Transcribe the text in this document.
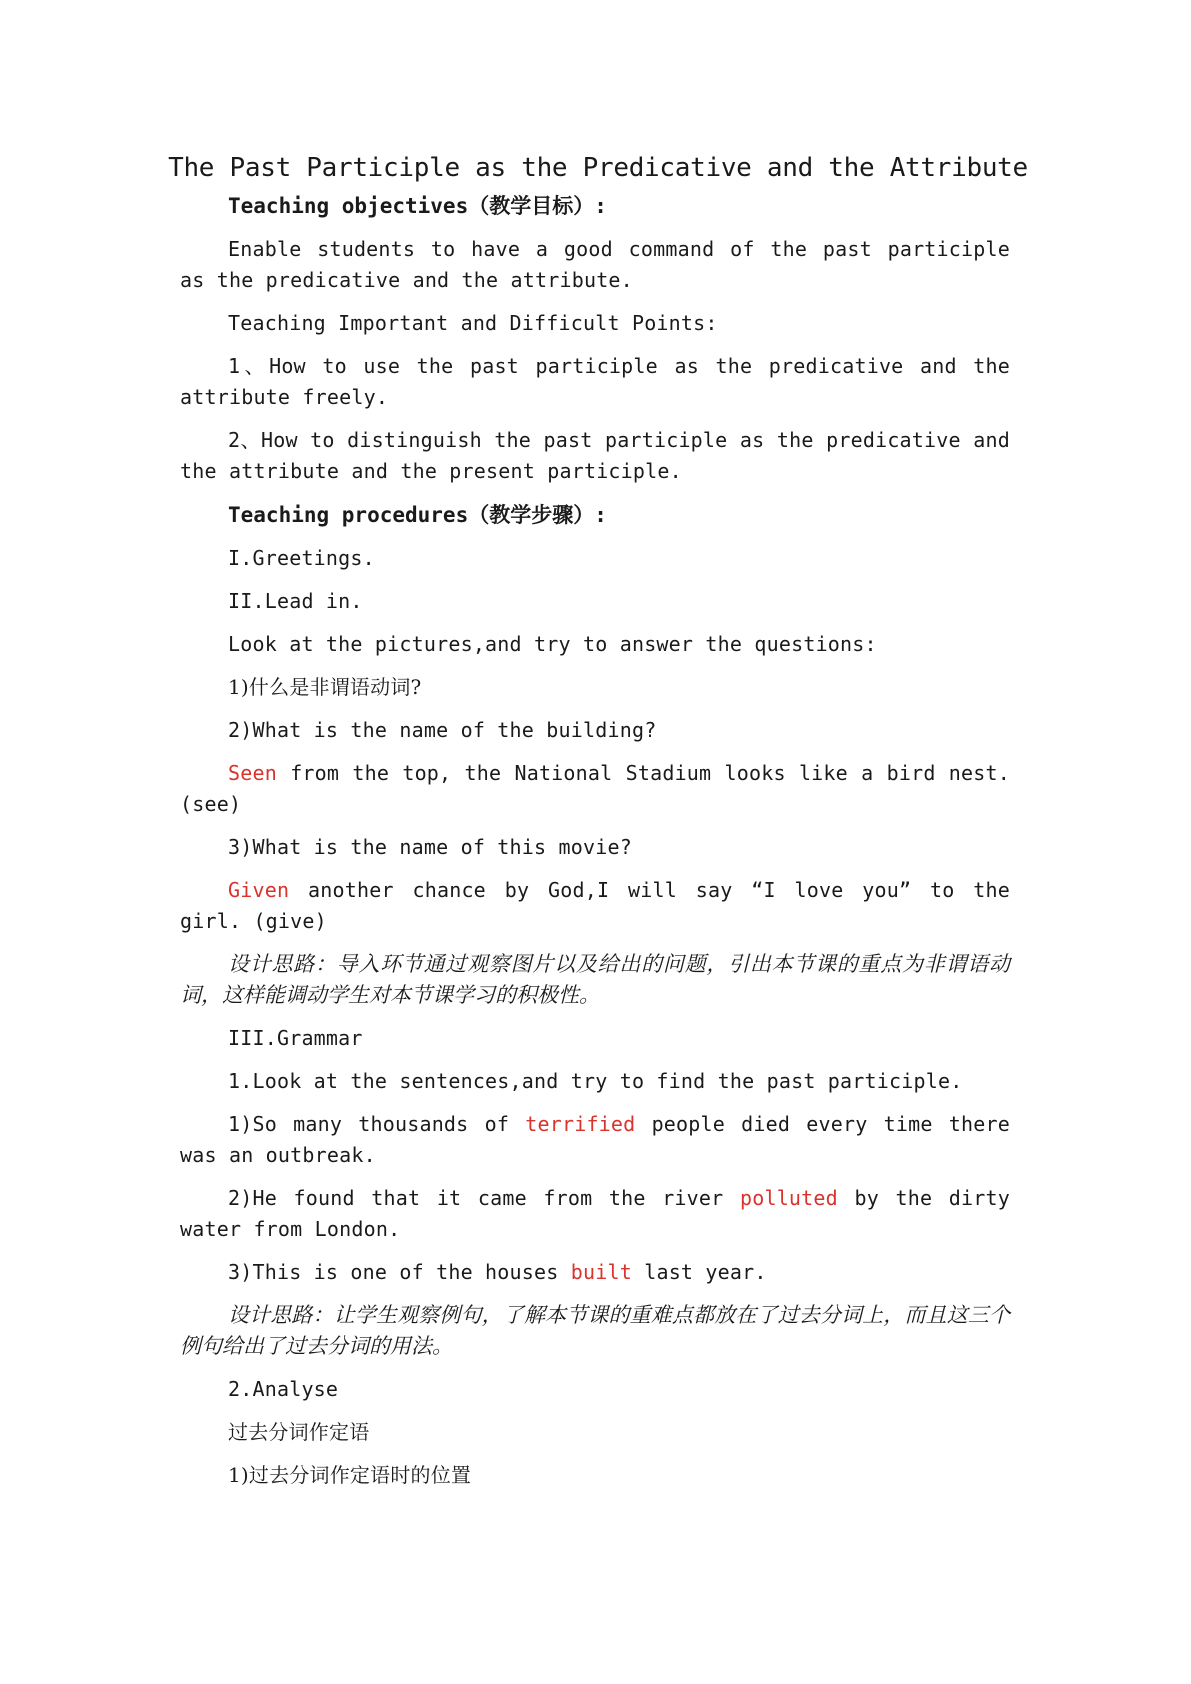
The Past Participle as the Predicative and the Attribute
Teaching objectives（教学目标）:
Enable students to have a good command of the past participle as the predicative and the attribute.
Teaching Important and Difficult Points:
1、How to use the past participle as the predicative and the attribute freely.
2、How to distinguish the past participle as the predicative and the attribute and the present participle.
Teaching procedures（教学步骤）:
I.Greetings.
II.Lead in.
Look at the pictures,and try to answer the questions:
1)什么是非谓语动词?
2)What is the name of the building?
Seen from the top, the National Stadium looks like a bird nest. (see)
3)What is the name of this movie?
Given another chance by God,I will say “I love you” to the girl. (give)
设计思路：导入环节通过观察图片以及给出的问题，引出本节课的重点为非谓语动词，这样能调动学生对本节课学习的积极性。
III.Grammar
1.Look at the sentences,and try to find the past participle.
1)So many thousands of terrified people died every time there was an outbreak.
2)He found that it came from the river polluted by the dirty water from London.
3)This is one of the houses built last year.
设计思路：让学生观察例句，了解本节课的重难点都放在了过去分词上，而且这三个例句给出了过去分词的用法。
2.Analyse
过去分词作定语
1)过去分词作定语时的位置
